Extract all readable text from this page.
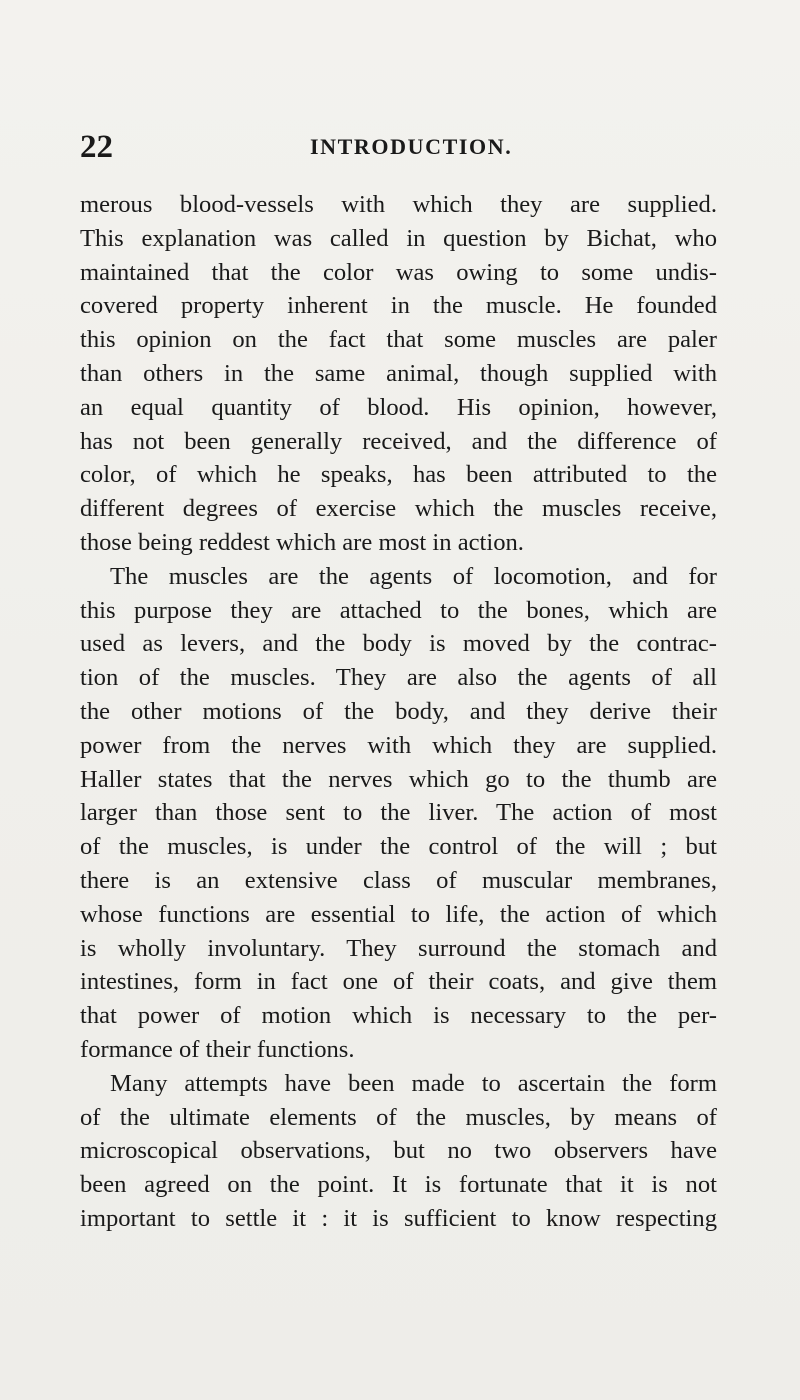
22	INTRODUCTION.
merous blood-vessels with which they are supplied.
This explanation was called in question by Bichat, who
maintained that the color was owing to some undis-
covered property inherent in the muscle. He founded
this opinion on the fact that some muscles are paler
than others in the same animal, though supplied with
an equal quantity of blood. His opinion, however,
has not been generally received, and the difference of
color, of which he speaks, has been attributed to the
different degrees of exercise which the muscles receive,
those being reddest which are most in action.
The muscles are the agents of locomotion, and for
this purpose they are attached to the bones, which are
used as levers, and the body is moved by the contrac-
tion of the muscles. They are also the agents of all
the other motions of the body, and they derive their
power from the nerves with which they are supplied.
Haller states that the nerves which go to the thumb are
larger than those sent to the liver. The action of most
of the muscles, is under the control of the will ; but
there is an extensive class of muscular membranes,
whose functions are essential to life, the action of which
is wholly involuntary. They surround the stomach and
intestines, form in fact one of their coats, and give them
that power of motion which is necessary to the per-
formance of their functions.
Many attempts have been made to ascertain the form
of the ultimate elements of the muscles, by means of
microscopical observations, but no two observers have
been agreed on the point. It is fortunate that it is not
important to settle it : it is sufficient to know respecting
